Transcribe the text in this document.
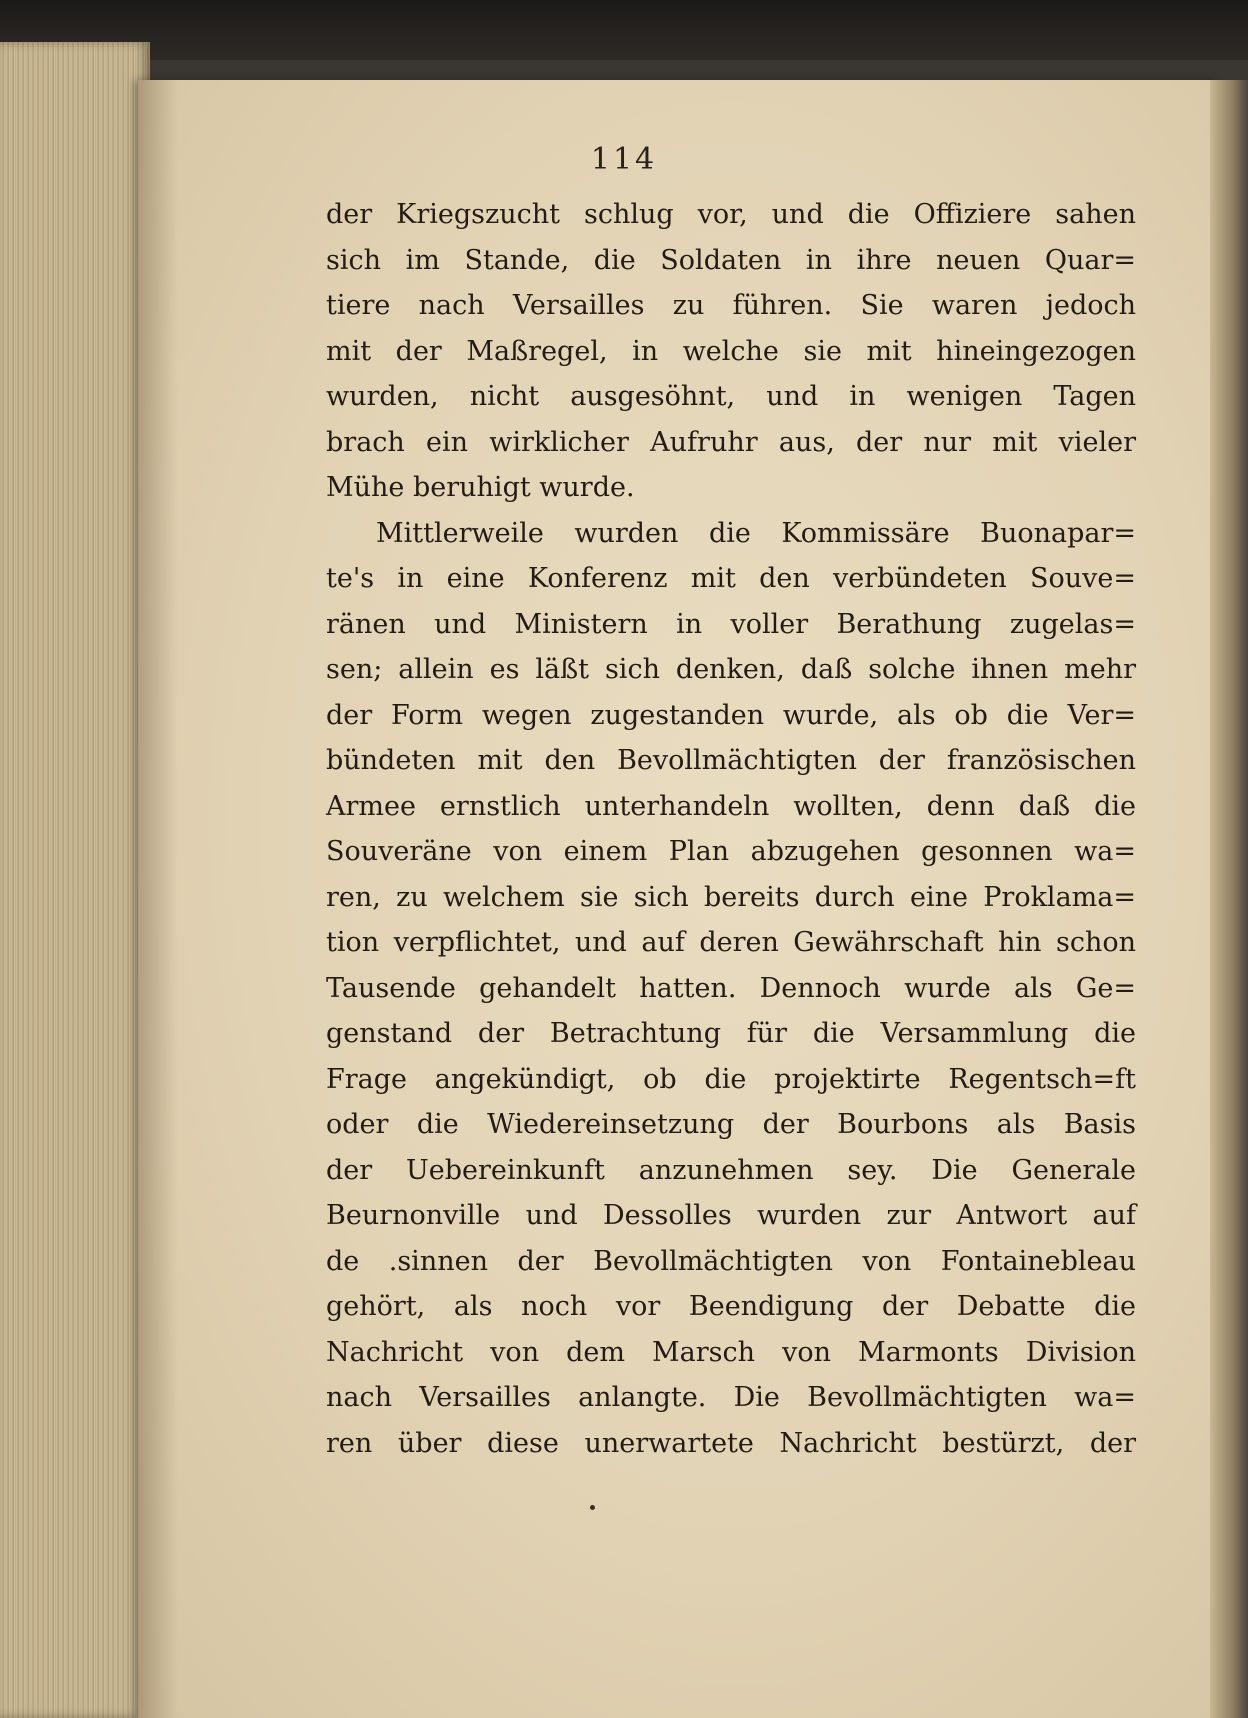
114
der Kriegszucht schlug vor, und die Offiziere sahen
sich im Stande, die Soldaten in ihre neuen Quar=
tiere nach Versailles zu führen. Sie waren jedoch
mit der Maßregel, in welche sie mit hineingezogen
wurden, nicht ausgesöhnt, und in wenigen Tagen
brach ein wirklicher Aufruhr aus, der nur mit vieler
Mühe beruhigt wurde.
Mittlerweile wurden die Kommissäre Buonapar=
te's in eine Konferenz mit den verbündeten Souve=
ränen und Ministern in voller Berathung zugelas=
sen; allein es läßt sich denken, daß solche ihnen mehr
der Form wegen zugestanden wurde, als ob die Ver=
bündeten mit den Bevollmächtigten der französischen
Armee ernstlich unterhandeln wollten, denn daß die
Souveräne von einem Plan abzugehen gesonnen wa=
ren, zu welchem sie sich bereits durch eine Proklama=
tion verpflichtet, und auf deren Gewährschaft hin schon
Tausende gehandelt hatten. Dennoch wurde als Ge=
genstand der Betrachtung für die Versammlung die
Frage angekündigt, ob die projektirte Regentsch=ft
oder die Wiedereinsetzung der Bourbons als Basis
der Uebereinkunft anzunehmen sey. Die Generale
Beurnonville und Dessolles wurden zur Antwort auf
de .sinnen der Bevollmächtigten von Fontainebleau
gehört, als noch vor Beendigung der Debatte die
Nachricht von dem Marsch von Marmonts Division
nach Versailles anlangte. Die Bevollmächtigten wa=
ren über diese unerwartete Nachricht bestürzt, der
